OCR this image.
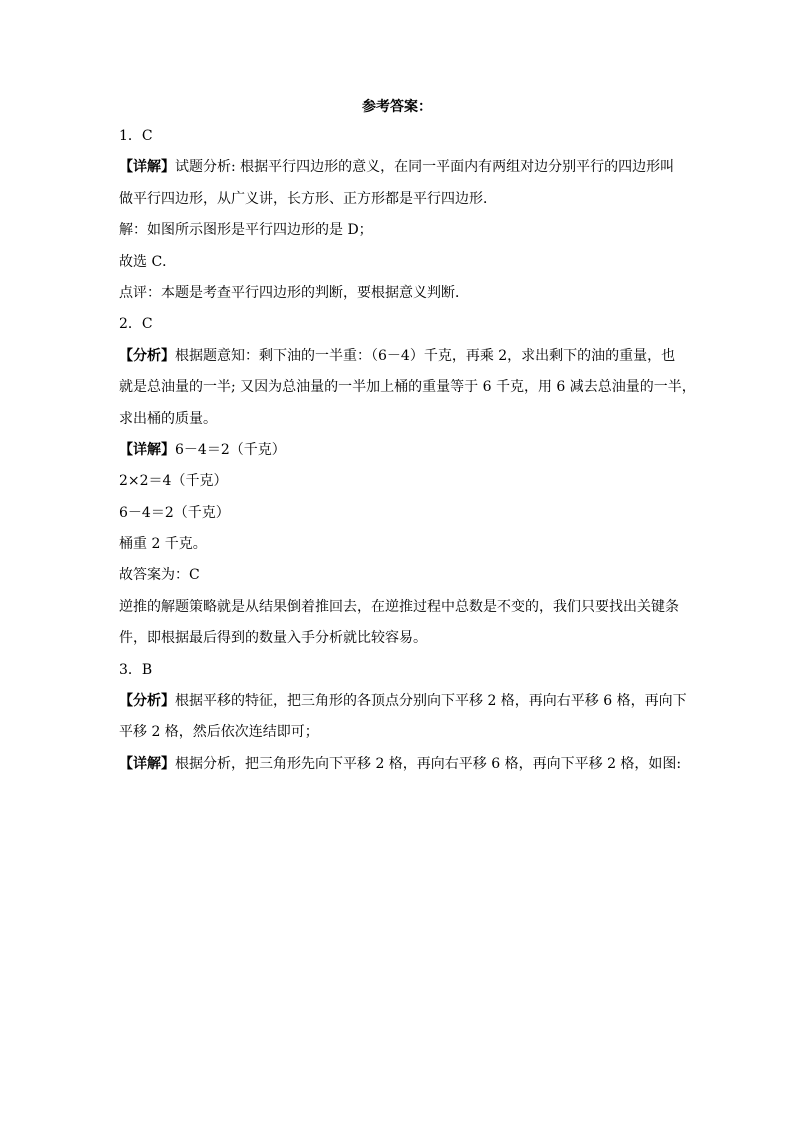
参考答案：
1．C
【详解】试题分析: 根据平行四边形的意义，在同一平面内有两组对边分别平行的四边形叫
做平行四边形，从广义讲，长方形、正方形都是平行四边形．
解：如图所示图形是平行四边形的是 D；
故选 C．
点评：本题是考查平行四边形的判断，要根据意义判断．
2．C
【分析】根据题意知：剩下油的一半重：（6－4）千克，再乘 2，求出剩下的油的重量，也
就是总油量的一半; 又因为总油量的一半加上桶的重量等于 6 千克，用 6 减去总油量的一半，
求出桶的质量。
【详解】6－4＝2（千克）
2×2＝4（千克）
6－4＝2（千克）
桶重 2 千克。
故答案为：C
逆推的解题策略就是从结果倒着推回去，在逆推过程中总数是不变的，我们只要找出关键条
件，即根据最后得到的数量入手分析就比较容易。
3．B
【分析】根据平移的特征，把三角形的各顶点分别向下平移 2 格，再向右平移 6 格，再向下
平移 2 格，然后依次连结即可；
【详解】根据分析，把三角形先向下平移 2 格，再向右平移 6 格，再向下平移 2 格，如图:
